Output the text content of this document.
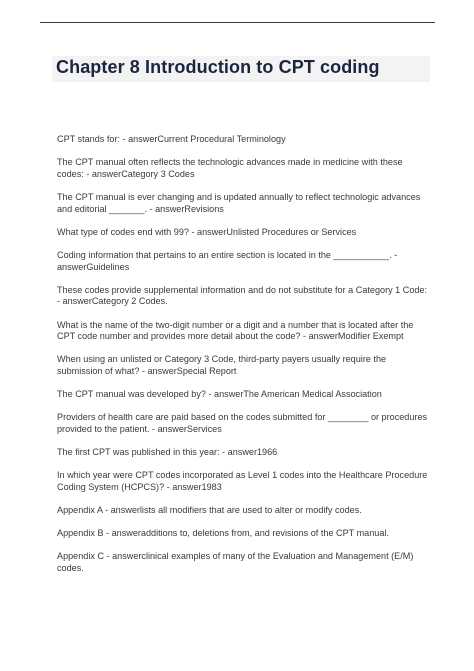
Chapter 8 Introduction to CPT coding
CPT stands for: - answerCurrent Procedural Terminology
The CPT manual often reflects the technologic advances made in medicine with these codes: - answerCategory 3 Codes
The CPT manual is ever changing and is updated annually to reflect technologic advances and editorial _______. - answerRevisions
What type of codes end with 99? - answerUnlisted Procedures or Services
Coding information that pertains to an entire section is located in the ___________. - answerGuidelines
These codes provide supplemental information and do not substitute for a Category 1 Code: - answerCategory 2 Codes.
What is the name of the two-digit number or a digit and a number that is located after the CPT code number and provides more detail about the code? - answerModifier Exempt
When using an unlisted or Category 3 Code, third-party payers usually require the submission of what? - answerSpecial Report
The CPT manual was developed by? - answerThe American Medical Association
Providers of health care are paid based on the codes submitted for ________ or procedures provided to the patient. - answerServices
The first CPT was published in this year: - answer1966
In which year were CPT codes incorporated as Level 1 codes into the Healthcare Procedure Coding System (HCPCS)? - answer1983
Appendix A - answerlists all modifiers that are used to alter or modify codes.
Appendix B - answeradditions to, deletions from, and revisions of the CPT manual.
Appendix C - answerclinical examples of many of the Evaluation and Management (E/M) codes.
